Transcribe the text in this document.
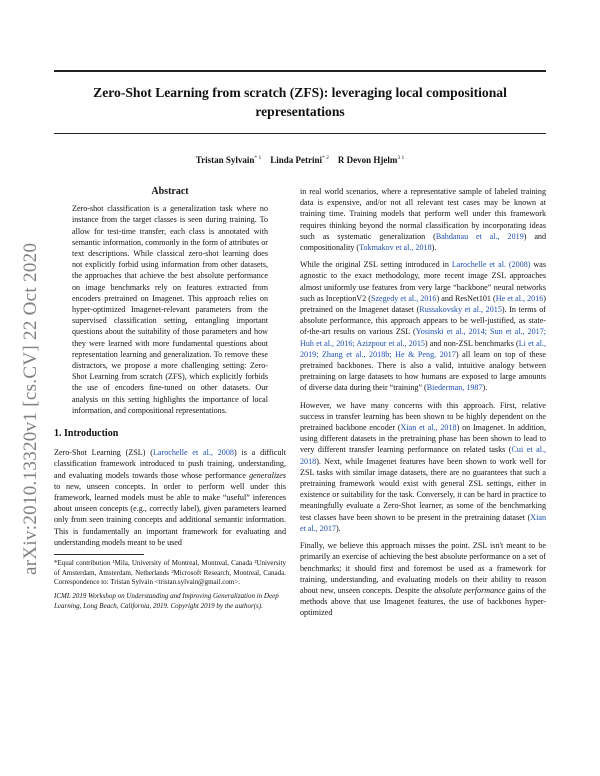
arXiv:2010.13320v1 [cs.CV] 22 Oct 2020
Zero-Shot Learning from scratch (ZFS): leveraging local compositional representations
Tristan Sylvain$^{* 1}$ Linda Petrini$^{* 2}$ R Devon Hjelm$^{3 1}$
Abstract

Zero-shot classification is a generalization task where no instance from the target classes is seen during training. To allow for test-time transfer, each class is annotated with semantic information, commonly in the form of attributes or text descriptions. While classical zero-shot learning does not explicitly forbid using information from other datasets, the approaches that achieve the best absolute performance on image benchmarks rely on features extracted from encoders pretrained on Imagenet. This approach relies on hyper-optimized Imagenet-relevant parameters from the supervised classification setting, entangling important questions about the suitability of those parameters and how they were learned with more fundamental questions about representation learning and generalization. To remove these distractors, we propose a more challenging setting: Zero-Shot Learning from scratch (ZFS), which explicitly forbids the use of encoders fine-tuned on other datasets. Our analysis on this setting highlights the importance of local information, and compositional representations.

1. Introduction

Zero-Shot Learning (ZSL) (Larochelle et al., 2008) is a difficult classification framework introduced to push training, understanding, and evaluating models towards those whose performance generalizes to new, unseen concepts. In order to perform well under this framework, learned models must be able to make “useful” inferences about unseen concepts (e.g., correctly label), given parameters learned only from seen training concepts and additional semantic information. This is fundamentally an important framework for evaluating and understanding models meant to be used

*Equal contribution ¹Mila, University of Montreal, Montreal, Canada ²University of Amsterdam, Amsterdam, Netherlands ³Microsoft Research, Montreal, Canada. Correspondence to: Tristan Sylvain <tristan.sylvain@gmail.com>.

ICML 2019 Workshop on Understanding and Improving Generalization in Deep Learning, Long Beach, California, 2019. Copyright 2019 by the author(s).

in real world scenarios, where a representative sample of labeled training data is expensive, and/or not all relevant test cases may be known at training time. Training models that perform well under this framework requires thinking beyond the normal classification by incorporating ideas such as systematic generalization (Bahdanau et al., 2019) and compositionality (Tokmakov et al., 2018).

While the original ZSL setting introduced in Larochelle et al. (2008) was agnostic to the exact methodology, more recent image ZSL approaches almost uniformly use features from very large “backbone” neural networks such as InceptionV2 (Szegedy et al., 2016) and ResNet101 (He et al., 2016) pretrained on the Imagenet dataset (Russakovsky et al., 2015). In terms of absolute performance, this approach appears to be well-justified, as state-of-the-art results on various ZSL (Yosinski et al., 2014; Sun et al., 2017; Huh et al., 2016; Azizpour et al., 2015) and non-ZSL benchmarks (Li et al., 2019; Zhang et al., 2018b; He & Peng, 2017) all learn on top of these pretrained backbones. There is also a valid, intuitive analogy between pretraining on large datasets to how humans are exposed to large amounts of diverse data during their “training” (Biederman, 1987).

However, we have many concerns with this approach. First, relative success in transfer learning has been shown to be highly dependent on the pretrained backbone encoder (Xian et al., 2018) on Imagenet. In addition, using different datasets in the pretraining phase has been shown to lead to very different transfer learning performance on related tasks (Cui et al., 2018). Next, while Imagenet features have been shown to work well for ZSL tasks with similar image datasets, there are no guarantees that such a pretraining framework would exist with general ZSL settings, either in existence or suitability for the task. Conversely, it can be hard in practice to meaningfully evaluate a Zero-Shot learner, as some of the benchmarking test classes have been shown to be present in the pretraining dataset (Xian et al., 2017).

Finally, we believe this approach misses the point. ZSL isn't meant to be primarily an exercise of achieving the best absolute performance on a set of benchmarks; it should first and foremost be used as a framework for training, understanding, and evaluating models on their ability to reason about new, unseen concepts. Despite the absolute performance gains of the methods above that use Imagenet features, the use of backbones hyper-optimized
